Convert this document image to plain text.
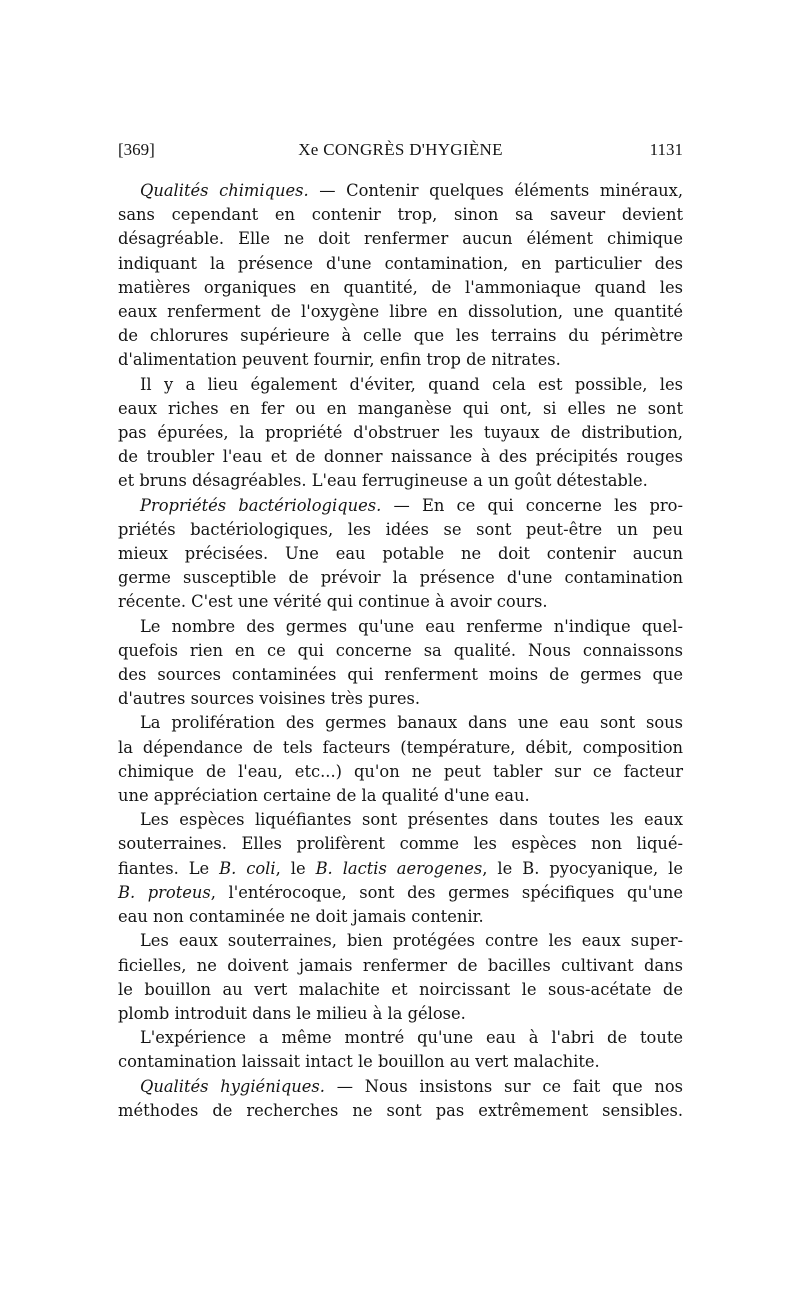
[369]	Xe CONGRÈS D'HYGIÈNE	1131
Qualités chimiques. — Contenir quelques éléments minéraux,
sans cependant en contenir trop, sinon sa saveur devient
désagréable. Elle ne doit renfermer aucun élément chimique
indiquant la présence d'une contamination, en particulier des
matières organiques en quantité, de l'ammoniaque quand les
eaux renferment de l'oxygène libre en dissolution, une quantité
de chlorures supérieure à celle que les terrains du périmètre
d'alimentation peuvent fournir, enfin trop de nitrates.
Il y a lieu également d'éviter, quand cela est possible, les
eaux riches en fer ou en manganèse qui ont, si elles ne sont
pas épurées, la propriété d'obstruer les tuyaux de distribution,
de troubler l'eau et de donner naissance à des précipités rouges
et bruns désagréables. L'eau ferrugineuse a un goût détestable.
Propriétés bactériologiques. — En ce qui concerne les pro-
priétés bactériologiques, les idées se sont peut-être un peu
mieux précisées. Une eau potable ne doit contenir aucun
germe susceptible de prévoir la présence d'une contamination
récente. C'est une vérité qui continue à avoir cours.
Le nombre des germes qu'une eau renferme n'indique quel-
quefois rien en ce qui concerne sa qualité. Nous connaissons
des sources contaminées qui renferment moins de germes que
d'autres sources voisines très pures.
La prolifération des germes banaux dans une eau sont sous
la dépendance de tels facteurs (température, débit, composition
chimique de l'eau, etc...) qu'on ne peut tabler sur ce facteur
une appréciation certaine de la qualité d'une eau.
Les espèces liquéfiantes sont présentes dans toutes les eaux
souterraines. Elles prolifèrent comme les espèces non liqué-
fiantes. Le B. coli, le B. lactis aerogenes, le B. pyocyanique, le
B. proteus, l'entérocoque, sont des germes spécifiques qu'une
eau non contaminée ne doit jamais contenir.
Les eaux souterraines, bien protégées contre les eaux super-
ficielles, ne doivent jamais renfermer de bacilles cultivant dans
le bouillon au vert malachite et noircissant le sous-acétate de
plomb introduit dans le milieu à la gélose.
L'expérience a même montré qu'une eau à l'abri de toute
contamination laissait intact le bouillon au vert malachite.
Qualités hygiéniques. — Nous insistons sur ce fait que nos
méthodes de recherches ne sont pas extrêmement sensibles.
